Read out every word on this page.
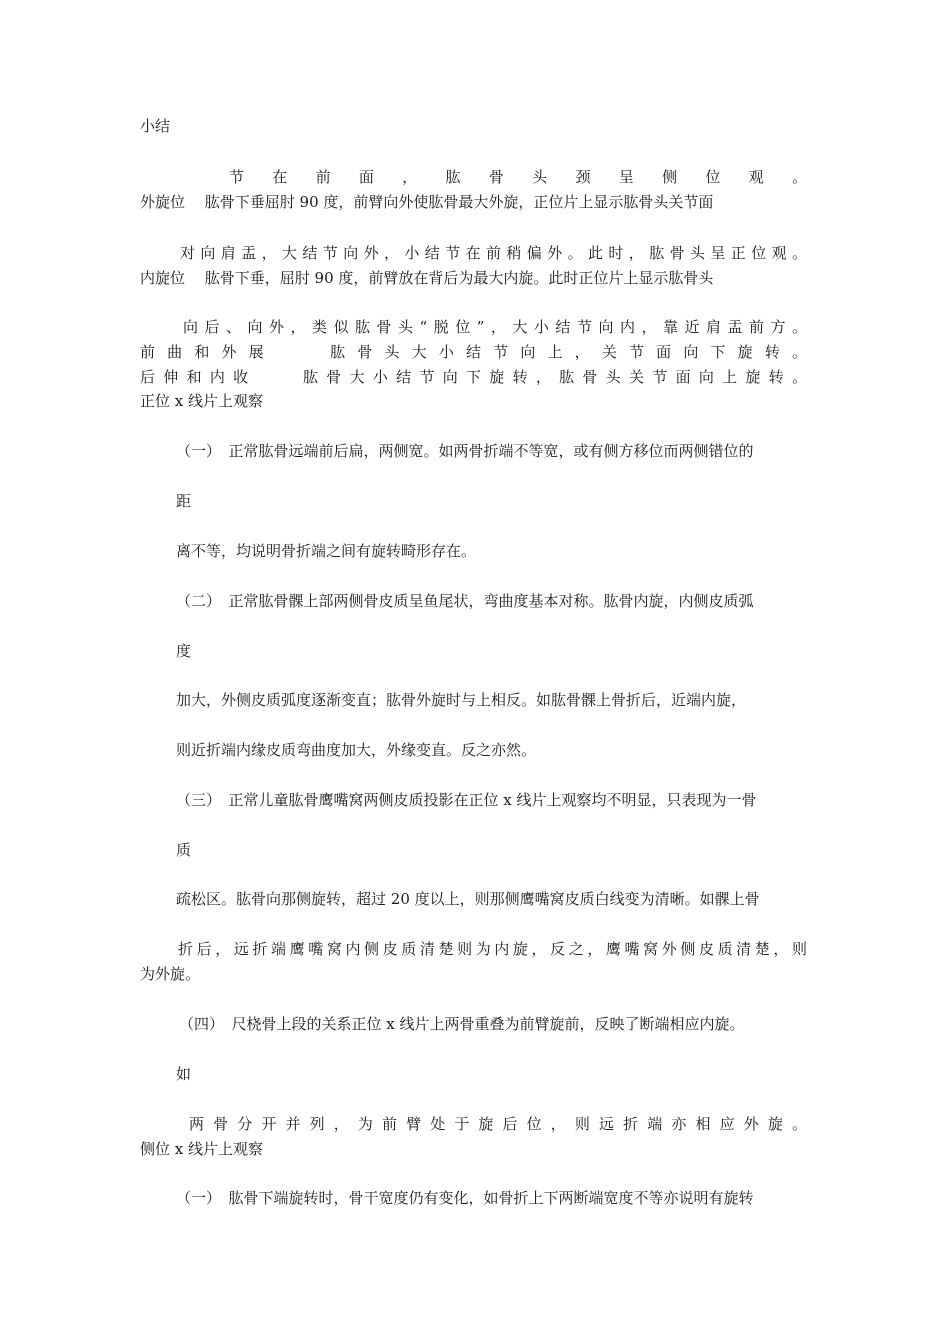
小结
节 在 前 面 ， 肱 骨 头 颈 呈 侧 位 观 。
外旋位　 肱骨下垂屈肘 90 度，前臂向外使肱骨最大外旋，正位片上显示肱骨头关节面
对向肩盂，大结节向外，小结节在前稍偏外。此时，肱骨头呈正位观。
内旋位　 肱骨下垂，屈肘 90 度，前臂放在背后为最大内旋。此时正位片上显示肱骨头
向后、向外，类似肱骨头“脱位”，大小结节向内，靠近肩盂前方。
前 曲 和 外 展 　 　 肱 骨 头 大 小 结 节 向 上 ， 关 节 面 向 下 旋 转 。
后 伸 和 内 收 　 　 肱 骨 大 小 结 节 向 下 旋 转 ， 肱 骨 头 关 节 面 向 上 旋 转 。
正位 x 线片上观察
（一）　正常肱骨远端前后扁，两侧宽。如两骨折端不等宽，或有侧方移位而两侧错位的
距
离不等，均说明骨折端之间有旋转畸形存在。
（二）　正常肱骨髁上部两侧骨皮质呈鱼尾状，弯曲度基本对称。肱骨内旋，内侧皮质弧
度
加大，外侧皮质弧度逐渐变直；肱骨外旋时与上相反。如肱骨髁上骨折后，近端内旋，
则近折端内缘皮质弯曲度加大，外缘变直。反之亦然。
（三）　正常儿童肱骨鹰嘴窝两侧皮质投影在正位 x 线片上观察均不明显，只表现为一骨
质
疏松区。肱骨向那侧旋转，超过 20 度以上，则那侧鹰嘴窝皮质白线变为清晰。如髁上骨
折后，远折端鹰嘴窝内侧皮质清楚则为内旋，反之，鹰嘴窝外侧皮质清楚，则
为外旋。
（四）　尺桡骨上段的关系正位 x 线片上两骨重叠为前臂旋前，反映了断端相应内旋。
如
两 骨 分 开 并 列 ， 为 前 臂 处 于 旋 后 位 ， 则 远 折 端 亦 相 应 外 旋 。
侧位 x 线片上观察
（一）　肱骨下端旋转时，骨干宽度仍有变化，如骨折上下两断端宽度不等亦说明有旋转
